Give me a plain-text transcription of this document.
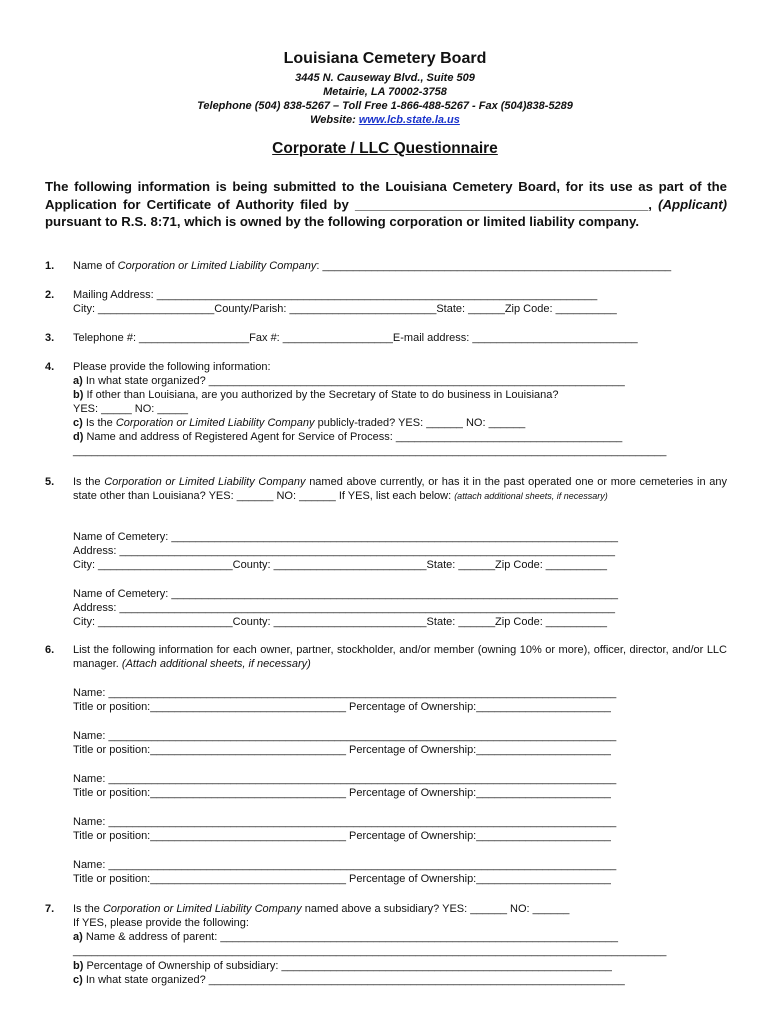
Louisiana Cemetery Board
3445 N. Causeway Blvd., Suite 509
Metairie, LA 70002-3758
Telephone (504) 838-5267 – Toll Free 1-866-488-5267 - Fax (504)838-5289
Website: www.lcb.state.la.us
Corporate / LLC Questionnaire
The following information is being submitted to the Louisiana Cemetery Board, for its use as part of the Application for Certificate of Authority filed by ________________________________________, (Applicant) pursuant to R.S. 8:71, which is owned by the following corporation or limited liability company.
1. Name of Corporation or Limited Liability Company: _________________________________________________________
2. Mailing Address: ________________________________________________________________________
City: ___________________County/Parish: ________________________State: ______Zip Code: __________
3. Telephone #: __________________Fax #: __________________E-mail address: ___________________________
4. Please provide the following information:
a) In what state organized? ____________________________________________________________________
b) If other than Louisiana, are you authorized by the Secretary of State to do business in Louisiana?
YES: _____ NO: _____
c) Is the Corporation or Limited Liability Company publicly-traded? YES: ______ NO: ______
d) Name and address of Registered Agent for Service of Process: _____________________________________
_________________________________________________________________________________________________
5. Is the Corporation or Limited Liability Company named above currently, or has it in the past operated one or more cemeteries in any state other than Louisiana? YES: ______ NO: ______ If YES, list each below: (attach additional sheets, if necessary)
Name of Cemetery: _________________________________________________________________________
Address: _________________________________________________________________________________
City: ______________________County: _________________________State: ______Zip Code: __________
Name of Cemetery: _________________________________________________________________________
Address: _________________________________________________________________________________
City: ______________________County: _________________________State: ______Zip Code: __________
6. List the following information for each owner, partner, stockholder, and/or member (owning 10% or more), officer, director, and/or LLC manager. (Attach additional sheets, if necessary)
Name: ___________________________________________________________________________________
Title or position:________________________________ Percentage of Ownership:______________________
Name: ___________________________________________________________________________________
Title or position:________________________________ Percentage of Ownership:______________________
Name: ___________________________________________________________________________________
Title or position:________________________________ Percentage of Ownership:______________________
Name: ___________________________________________________________________________________
Title or position:________________________________ Percentage of Ownership:______________________
Name: ___________________________________________________________________________________
Title or position:________________________________ Percentage of Ownership:______________________
7. Is the Corporation or Limited Liability Company named above a subsidiary? YES: ______ NO: ______
If YES, please provide the following:
a) Name & address of parent: _________________________________________________________________
_________________________________________________________________________________________________
b) Percentage of Ownership of subsidiary: ______________________________________________________
c) In what state organized? ____________________________________________________________________
